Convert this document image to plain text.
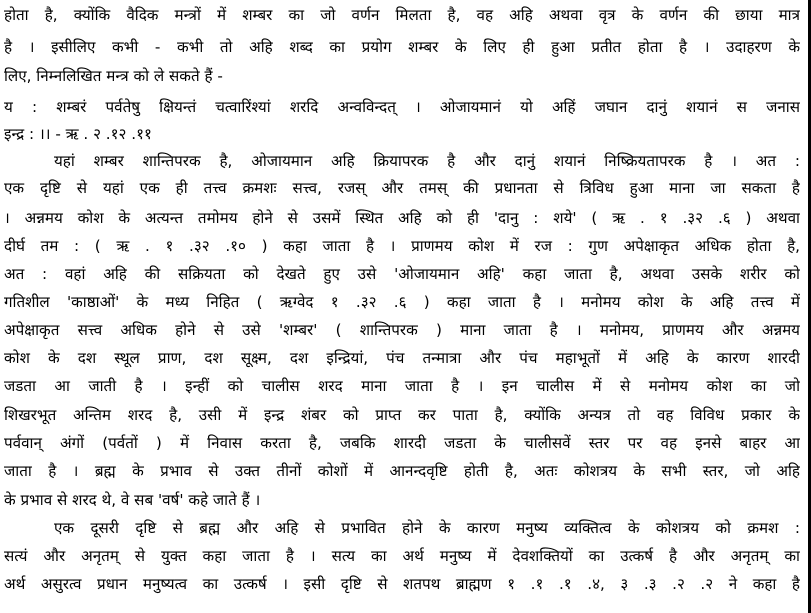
होता है, क्योंकि वैदिक मन्त्रों में शम्बर का जो वर्णन मिलता है, वह अहि अथवा वृत्र के वर्णन की छाया मात्र
है । इसीलिए कभी - कभी तो अहि शब्द का प्रयोग शम्बर के लिए ही हुआ प्रतीत होता है । उदाहरण के
लिए, निम्नलिखित मन्त्र को ले सकते हैं -
य : शम्बरं पर्वतेषु क्षियन्तं चत्वारिंश्यां शरदि अन्वविन्दत् । ओजायमानं यो अहिं जघान दानुं शयानं स जनास
इन्द्र : ।। - ऋ . २ .१२ .११
यहां शम्बर शान्तिपरक है, ओजायमान अहि क्रियापरक है और दानुं शयानं निष्क्रियतापरक है । अत :
एक दृष्टि से यहां एक ही तत्त्व क्रमशः सत्त्व, रजस् और तमस् की प्रधानता से त्रिविध हुआ माना जा सकता है
। अन्नमय कोश के अत्यन्त तमोमय होने से उसमें स्थित अहि को ही 'दानु : शये' ( ऋ . १ .३२ .६ ) अथवा
दीर्घ तम : ( ऋ . १ .३२ .१० ) कहा जाता है । प्राणमय कोश में रज : गुण अपेक्षाकृत अधिक होता है,
अत : वहां अहि की सक्रियता को देखते हुए उसे 'ओजायमान अहि' कहा जाता है, अथवा उसके शरीर को
गतिशील 'काष्ठाओं' के मध्य निहित ( ऋग्वेद १ .३२ .६ ) कहा जाता है । मनोमय कोश के अहि तत्त्व में
अपेक्षाकृत सत्त्व अधिक होने से उसे 'शम्बर' ( शान्तिपरक ) माना जाता है । मनोमय, प्राणमय और अन्नमय
कोश के दश स्थूल प्राण, दश सूक्ष्म, दश इन्द्रियां, पंच तन्मात्रा और पंच महाभूतों में अहि के कारण शारदी
जडता आ जाती है । इन्हीं को चालीस शरद माना जाता है । इन चालीस में से मनोमय कोश का जो
शिखरभूत अन्तिम शरद है, उसी में इन्द्र शंबर को प्राप्त कर पाता है, क्योंकि अन्यत्र तो वह विविध प्रकार के
पर्ववान् अंगों (पर्वतों ) में निवास करता है, जबकि शारदी जडता के चालीसवें स्तर पर वह इनसे बाहर आ
जाता है । ब्रह्म के प्रभाव से उक्त तीनों कोशों में आनन्दवृष्टि होती है, अतः कोशत्रय के सभी स्तर, जो अहि
के प्रभाव से शरद थे, वे सब 'वर्ष' कहे जाते हैं ।
एक दूसरी दृष्टि से ब्रह्म और अहि से प्रभावित होने के कारण मनुष्य व्यक्तित्व के कोशत्रय को क्रमश :
सत्यं और अनृतम् से युक्त कहा जाता है । सत्य का अर्थ मनुष्य में देवशक्तियों का उत्कर्ष है और अनृतम् का
अर्थ असुरत्व प्रधान मनुष्यत्व का उत्कर्ष । इसी दृष्टि से शतपथ ब्राह्मण १ .१ .१ .४, ३ .३ .२ .२ ने कहा है
